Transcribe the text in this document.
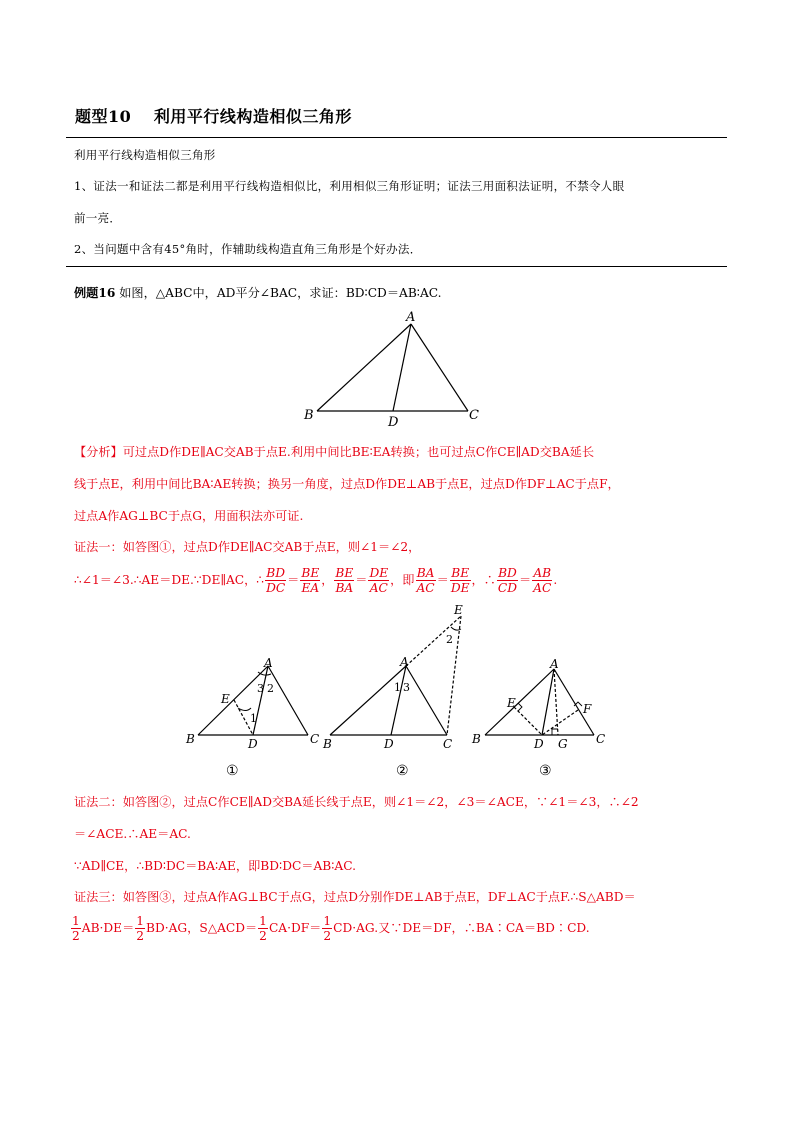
题型10　 利用平行线构造相似三角形
利用平行线构造相似三角形
1、证法一和证法二都是利用平行线构造相似比，利用相似三角形证明；证法三用面积法证明，不禁令人眼
前一亮．
2、当问题中含有45°角时，作辅助线构造直角三角形是个好办法．
例题16 如图，△ABC中，AD平分∠BAC，求证：BD∶CD＝AB∶AC.
A
B	C
D
【分析】可过点D作DE∥AC交AB于点E.利用中间比BE∶EA转换；也可过点C作CE∥AD交BA延长
线于点E，利用中间比BA∶AE转换；换另一角度，过点D作DE⊥AB于点E，过点D作DF⊥AC于点F，
过点A作AG⊥BC于点G，用面积法亦可证.
证法一：如答图①，过点D作DE∥AC交AB于点E，则∠1＝∠2，
∴∠1＝∠3.∴AE＝DE.∵DE∥AC，∴ $\frac{BD}{DC} = \frac{BE}{EA}$ ， $\frac{BE}{BA} = \frac{DE}{AC}$ ，即 $\frac{BA}{AC} = \frac{BE}{DE}$ ，∴ $\frac{BD}{CD} = \frac{AB}{AC}$ .
A
B	C
D
E
1
2
3
①
A
B	C
D
E
1
2
3
②
A
B	C
D
E	F
G
③
证法二：如答图②，过点C作CE∥AD交BA延长线于点E，则∠1＝∠2，∠3＝∠ACE，∵∠1＝∠3，∴∠2
＝∠ACE.∴AE＝AC.
∵AD∥CE，∴BD∶DC＝BA∶AE，即BD∶DC＝AB∶AC.
证法三：如答图③，过点A作AG⊥BC于点G，过点D分别作DE⊥AB于点E，DF⊥AC于点F.∴S△ABD＝
$\frac{1}{2} AB\cdot DE= \frac{1}{2} BD\cdot AG$，S△ACD＝ $\frac{1}{2} CA\cdot DF= \frac{1}{2} CD\cdot AG$.又∵DE＝DF，∴BA∶CA＝BD∶CD.
